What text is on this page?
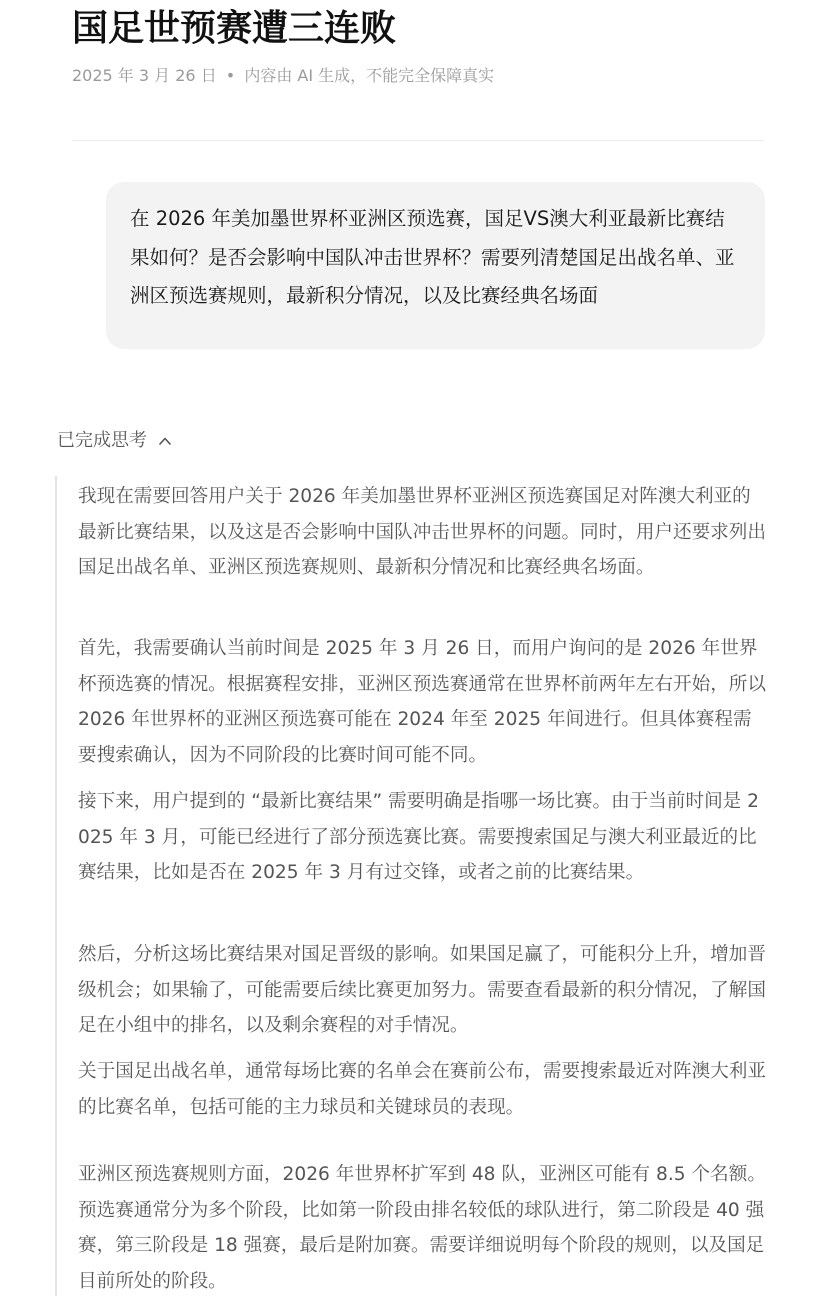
国足世预赛遭三连败
2025 年 3 月 26 日 • 内容由 AI 生成，不能完全保障真实
在 2026 年美加墨世界杯亚洲区预选赛，国足VS澳大利亚最新比赛结果如何？是否会影响中国队冲击世界杯？需要列清楚国足出战名单、亚洲区预选赛规则，最新积分情况，以及比赛经典名场面
已完成思考

我现在需要回答用户关于 2026 年美加墨世界杯亚洲区预选赛国足对阵澳大利亚的最新比赛结果，以及这是否会影响中国队冲击世界杯的问题。同时，用户还要求列出国足出战名单、亚洲区预选赛规则、最新积分情况和比赛经典名场面。

首先，我需要确认当前时间是 2025 年 3 月 26 日，而用户询问的是 2026 年世界杯预选赛的情况。根据赛程安排，亚洲区预选赛通常在世界杯前两年左右开始，所以 2026 年世界杯的亚洲区预选赛可能在 2024 年至 2025 年间进行。但具体赛程需要搜索确认，因为不同阶段的比赛时间可能不同。

接下来，用户提到的 “最新比赛结果” 需要明确是指哪一场比赛。由于当前时间是 2025 年 3 月，可能已经进行了部分预选赛比赛。需要搜索国足与澳大利亚最近的比赛结果，比如是否在 2025 年 3 月有过交锋，或者之前的比赛结果。

然后，分析这场比赛结果对国足晋级的影响。如果国足赢了，可能积分上升，增加晋级机会；如果输了，可能需要后续比赛更加努力。需要查看最新的积分情况，了解国足在小组中的排名，以及剩余赛程的对手情况。

关于国足出战名单，通常每场比赛的名单会在赛前公布，需要搜索最近对阵澳大利亚的比赛名单，包括可能的主力球员和关键球员的表现。

亚洲区预选赛规则方面，2026 年世界杯扩军到 48 队，亚洲区可能有 8.5 个名额。预选赛通常分为多个阶段，比如第一阶段由排名较低的球队进行，第二阶段是 40 强赛，第三阶段是 18 强赛，最后是附加赛。需要详细说明每个阶段的规则，以及国足目前所处的阶段。
